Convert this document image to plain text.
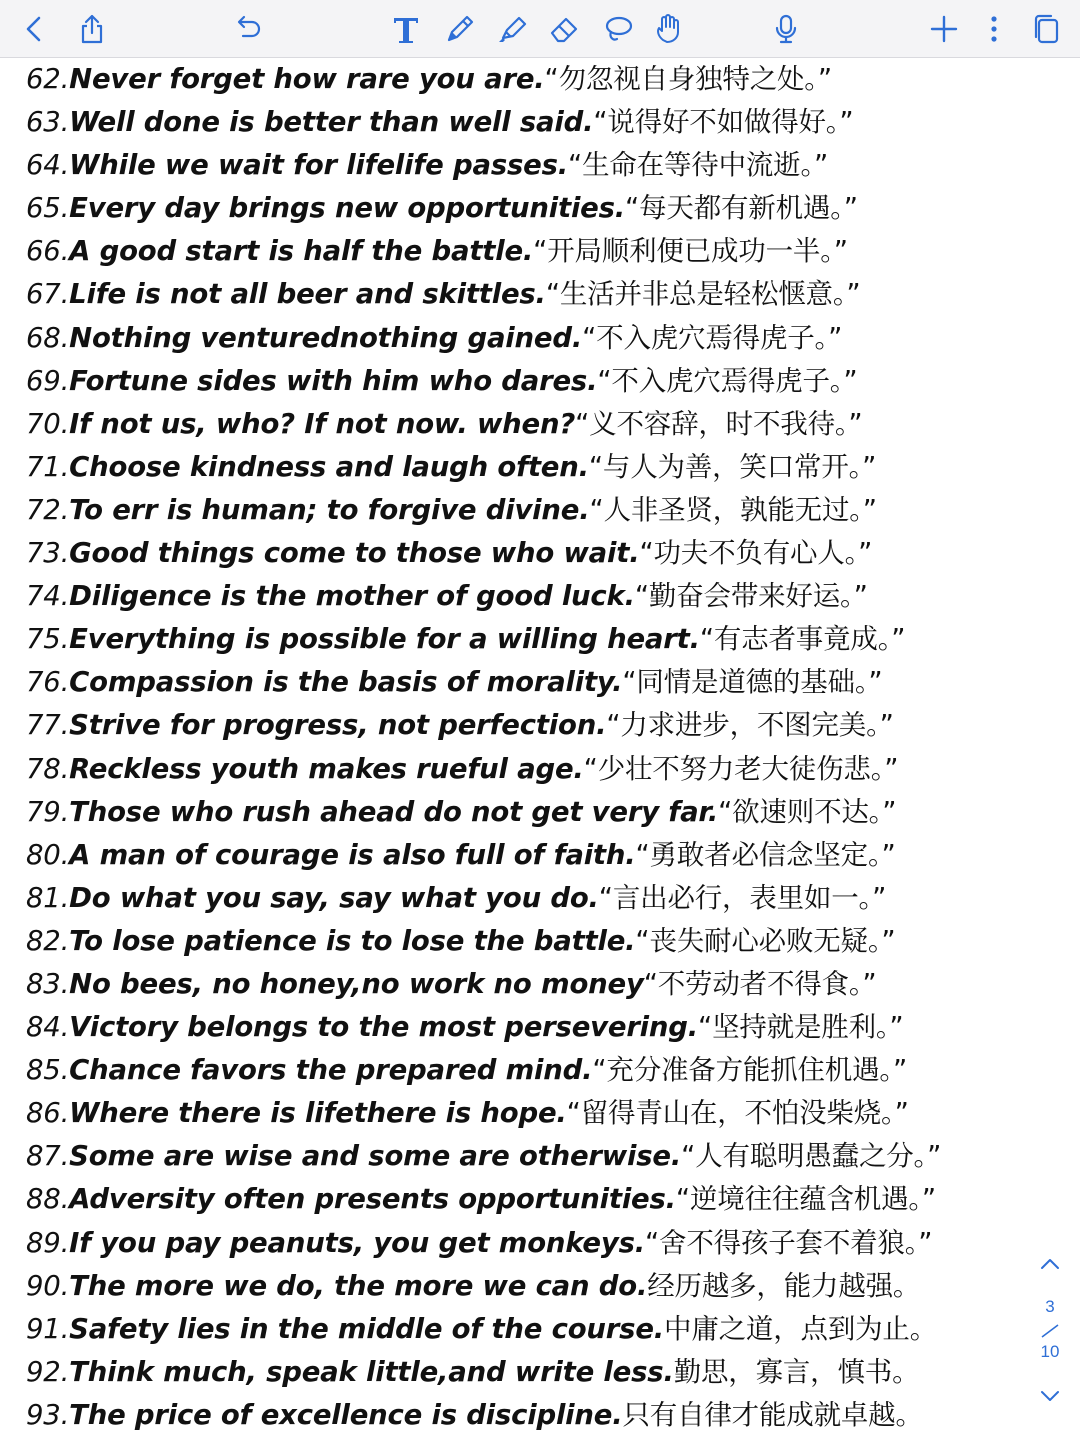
62.Never forget how rare you are.“勿忽视自身独特之处。”
63.Well done is better than well said.“说得好不如做得好。”
64.While we wait for lifelife passes.“生命在等待中流逝。”
65.Every day brings new opportunities.“每天都有新机遇。”
66.A good start is half the battle.“开局顺利便已成功一半。”
67.Life is not all beer and skittles.“生活并非总是轻松惬意。”
68.Nothing venturednothing gained.“不入虎穴焉得虎子。”
69.Fortune sides with him who dares.“不入虎穴焉得虎子。”
70.If not us, who? If not now. when?“义不容辞，时不我待。”
71.Choose kindness and laugh often.“与人为善，笑口常开。”
72.To err is human; to forgive divine.“人非圣贤，孰能无过。”
73.Good things come to those who wait.“功夫不负有心人。”
74.Diligence is the mother of good luck.“勤奋会带来好运。”
75.Everything is possible for a willing heart.“有志者事竟成。”
76.Compassion is the basis of morality.“同情是道德的基础。”
77.Strive for progress, not perfection.“力求进步，不图完美。”
78.Reckless youth makes rueful age.“少壮不努力老大徒伤悲。”
79.Those who rush ahead do not get very far.“欲速则不达。”
80.A man of courage is also full of faith.“勇敢者必信念坚定。”
81.Do what you say, say what you do.“言出必行，表里如一。”
82.To lose patience is to lose the battle.“丧失耐心必败无疑。”
83.No bees, no honey,no work no money“不劳动者不得食。”
84.Victory belongs to the most persevering.“坚持就是胜利。”
85.Chance favors the prepared mind.“充分准备方能抓住机遇。”
86.Where there is lifethere is hope.“留得青山在，不怕没柴烧。”
87.Some are wise and some are otherwise.“人有聪明愚蠢之分。”
88.Adversity often presents opportunities.“逆境往往蕴含机遇。”
89.If you pay peanuts, you get monkeys.“舍不得孩子套不着狼。”
90.The more we do, the more we can do.经历越多，能力越强。
91.Safety lies in the middle of the course.中庸之道，点到为止。
92.Think much, speak little,and write less.勤思，寡言，慎书。
93.The price of excellence is discipline.只有自律才能成就卓越。
3
10
